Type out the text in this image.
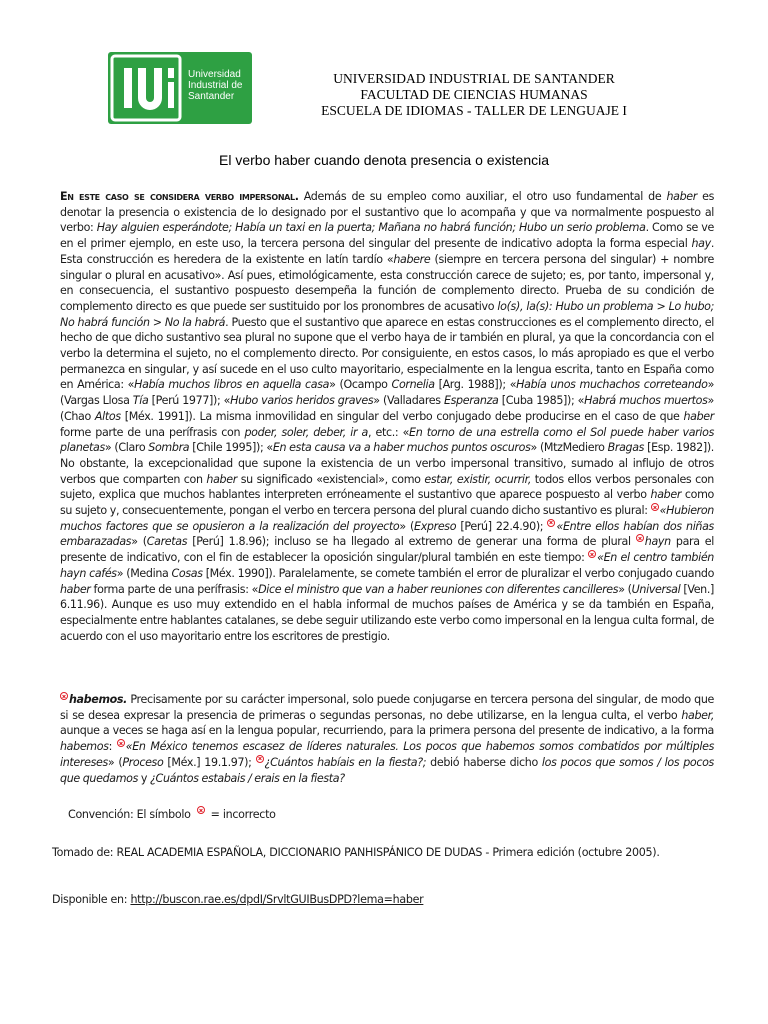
Universidad
Industrial de
Santander
UNIVERSIDAD INDUSTRIAL DE SANTANDER
FACULTAD DE CIENCIAS HUMANAS
ESCUELA DE IDIOMAS - TALLER DE LENGUAJE I
El verbo haber cuando denota presencia o existencia
En este caso se considera verbo impersonal. Además de su empleo como auxiliar, el otro uso fundamental de haber es denotar la presencia o existencia de lo designado por el sustantivo que lo acompaña y que va normalmente pospuesto al verbo: Hay alguien esperándote; Había un taxi en la puerta; Mañana no habrá función; Hubo un serio problema. Como se ve en el primer ejemplo, en este uso, la tercera persona del singular del presente de indicativo adopta la forma especial hay. Esta construcción es heredera de la existente en latín tardío «habere (siempre en tercera persona del singular) + nombre singular o plural en acusativo». Así pues, etimológicamente, esta construcción carece de sujeto; es, por tanto, impersonal y, en consecuencia, el sustantivo pospuesto desempeña la función de complemento directo. Prueba de su condición de complemento directo es que puede ser sustituido por los pronombres de acusativo lo(s), la(s): Hubo un problema > Lo hubo; No habrá función > No la habrá. Puesto que el sustantivo que aparece en estas construcciones es el complemento directo, el hecho de que dicho sustantivo sea plural no supone que el verbo haya de ir también en plural, ya que la concordancia con el verbo la determina el sujeto, no el complemento directo. Por consiguiente, en estos casos, lo más apropiado es que el verbo permanezca en singular, y así sucede en el uso culto mayoritario, especialmente en la lengua escrita, tanto en España como en América: «Había muchos libros en aquella casa» (Ocampo Cornelia [Arg. 1988]); «Había unos muchachos correteando» (Vargas Llosa Tía [Perú 1977]); «Hubo varios heridos graves» (Valladares Esperanza [Cuba 1985]); «Habrá muchos muertos» (Chao Altos [Méx. 1991]). La misma inmovilidad en singular del verbo conjugado debe producirse en el caso de que haber forme parte de una perífrasis con poder, soler, deber, ir a, etc.: «En torno de una estrella como el Sol puede haber varios planetas» (Claro Sombra [Chile 1995]); «En esta causa va a haber muchos puntos oscuros» (MtzMediero Bragas [Esp. 1982]). No obstante, la excepcionalidad que supone la existencia de un verbo impersonal transitivo, sumado al influjo de otros verbos que comparten con haber su significado «existencial», como estar, existir, ocurrir, todos ellos verbos personales con sujeto, explica que muchos hablantes interpreten erróneamente el sustantivo que aparece pospuesto al verbo haber como su sujeto y, consecuentemente, pongan el verbo en tercera persona del plural cuando dicho sustantivo es plural: «Hubieron muchos factores que se opusieron a la realización del proyecto» (Expreso [Perú] 22.4.90); «Entre ellos habían dos niñas embarazadas» (Caretas [Perú] 1.8.96); incluso se ha llegado al extremo de generar una forma de plural hayn para el presente de indicativo, con el fin de establecer la oposición singular/plural también en este tiempo: «En el centro también hayn cafés» (Medina Cosas [Méx. 1990]). Paralelamente, se comete también el error de pluralizar el verbo conjugado cuando haber forma parte de una perífrasis: «Dice el ministro que van a haber reuniones con diferentes cancilleres» (Universal [Ven.] 6.11.96). Aunque es uso muy extendido en el habla informal de muchos países de América y se da también en España, especialmente entre hablantes catalanes, se debe seguir utilizando este verbo como impersonal en la lengua culta formal, de acuerdo con el uso mayoritario entre los escritores de prestigio.
habemos. Precisamente por su carácter impersonal, solo puede conjugarse en tercera persona del singular, de modo que si se desea expresar la presencia de primeras o segundas personas, no debe utilizarse, en la lengua culta, el verbo haber, aunque a veces se haga así en la lengua popular, recurriendo, para la primera persona del presente de indicativo, a la forma habemos: «En México tenemos escasez de líderes naturales. Los pocos que habemos somos combatidos por múltiples intereses» (Proceso [Méx.] 19.1.97); ¿Cuántos habíais en la fiesta?; debió haberse dicho los pocos que somos / los pocos que quedamos y ¿Cuántos estabais / erais en la fiesta?
Convención: El símbolo = incorrecto
Tomado de: REAL ACADEMIA ESPAÑOLA, DICCIONARIO PANHISPÁNICO DE DUDAS - Primera edición (octubre 2005).
Disponible en: http://buscon.rae.es/dpdI/SrvltGUIBusDPD?lema=haber
